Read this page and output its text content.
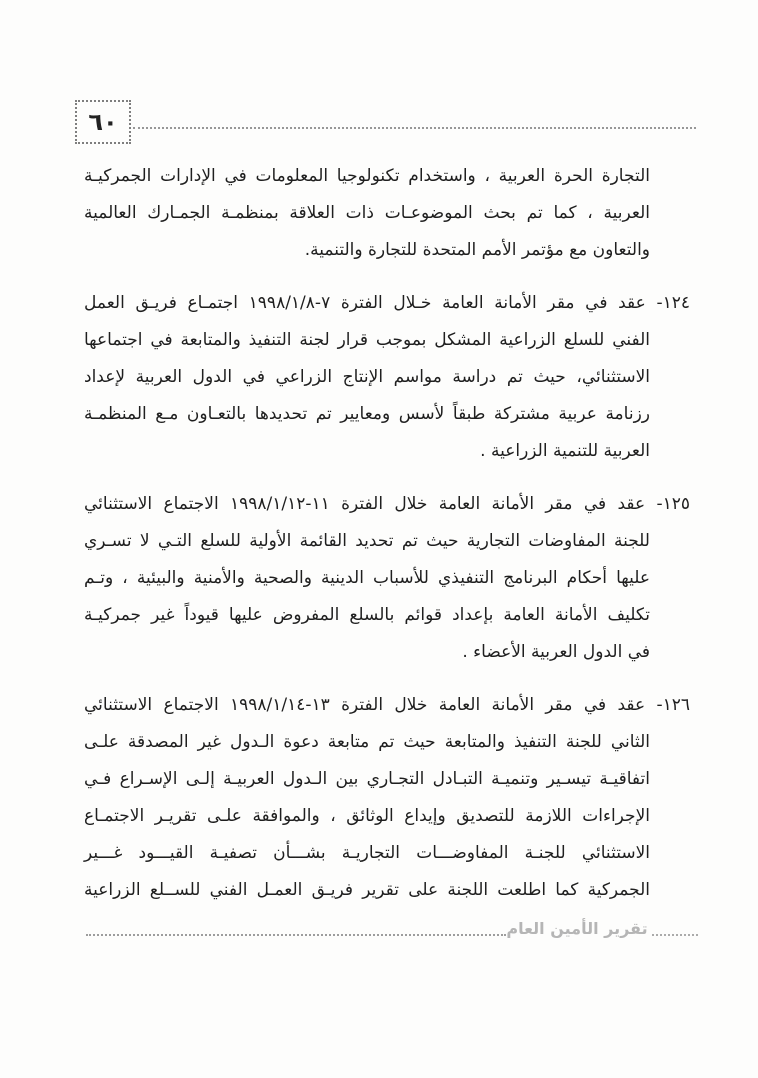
٦٠
التجارة الحرة العربية ، واستخدام تكنولوجيا المعلومات في الإدارات الجمركيـة
العربية ، كما تم بحث الموضوعـات ذات العلاقة بمنظمـة الجمـارك العالمية
والتعاون مع مؤتمر الأمم المتحدة للتجارة والتنمية.
١٢٤- عقد في مقر الأمانة العامة خـلال الفترة ⁦٧-١٩٩٨/١/٨⁩ اجتمـاع فريـق العمل
الفني للسلع الزراعية المشكل بموجب قرار لجنة التنفيذ والمتابعة في اجتماعها
الاستثنائي، حيث تم دراسة مواسم الإنتاج الزراعي في الدول العربية لإعداد
رزنامة عربية مشتركة طبقاً لأسس ومعايير تم تحديدها بالتعـاون مـع المنظمـة
العربية للتنمية الزراعية .
١٢٥- عقد في مقر الأمانة العامة خلال الفترة ⁦١١-١٩٩٨/١/١٢⁩ الاجتماع الاستثنائي
للجنة المفاوضات التجارية حيث تم تحديد القائمة الأولية للسلع التـي لا تسـري
عليها أحكام البرنامج التنفيذي للأسباب الدينية والصحية والأمنية والبيئية ، وتـم
تكليف الأمانة العامة بإعداد قوائم بالسلع المفروض عليها قيوداً غير جمركيـة
في الدول العربية الأعضاء .
١٢٦- عقد في مقر الأمانة العامة خلال الفترة ⁦١٣-١٩٩٨/١/١٤⁩ الاجتماع الاستثنائي
الثاني للجنة التنفيذ والمتابعة حيث تم متابعة دعوة الـدول غير المصدقة علـى
اتفاقيـة تيسـير وتنميـة التبـادل التجـاري بين الـدول العربيـة إلـى الإسـراع فـي
الإجراءات اللازمة للتصديق وإيداع الوثائق ، والموافقة علـى تقريـر الاجتمـاع
الاستثنائي للجنـة المفاوضـــات التجاريـة بشـــأن تصفيـة القيـــود غـــير
الجمركية كما اطلعت اللجنة على تقرير فريـق العمـل الفني للســلع الزراعية
تقرير الأمين العام
